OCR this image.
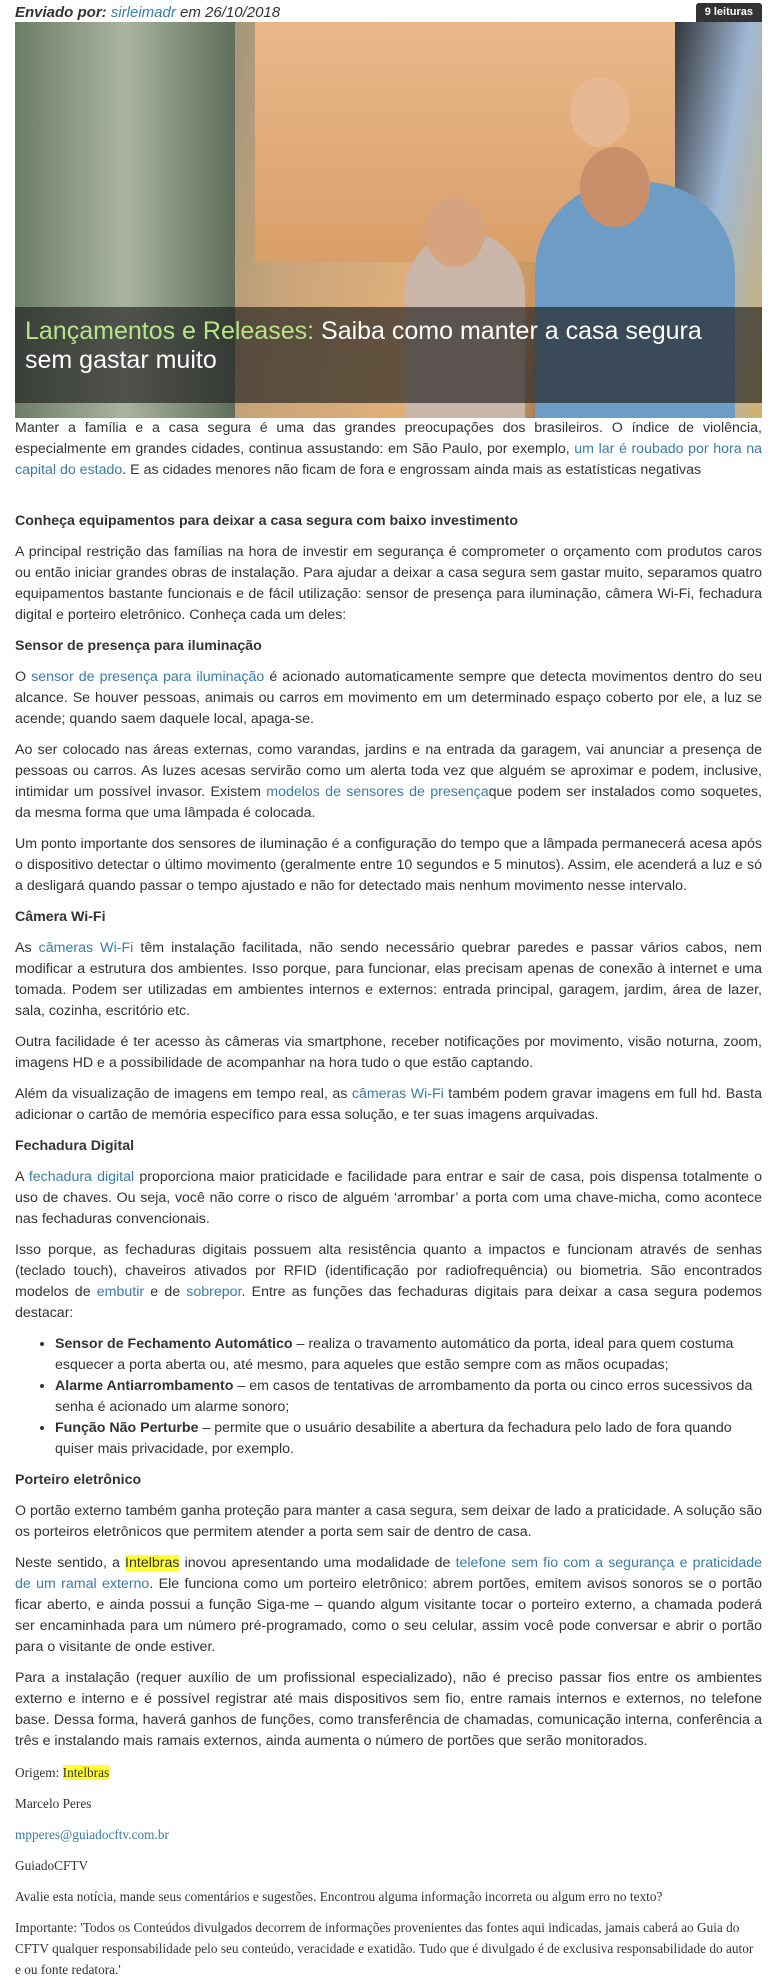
Enviado por: sirleimadr em 26/10/2018	9 leituras
Lançamentos e Releases: Saiba como manter a casa segura sem gastar muito

Manter a família e a casa segura é uma das grandes preocupações dos brasileiros. O índice de violência, especialmente em grandes cidades, continua assustando: em São Paulo, por exemplo, um lar é roubado por hora na capital do estado. E as cidades menores não ficam de fora e engrossam ainda mais as estatísticas negativas

Conheça equipamentos para deixar a casa segura com baixo investimento

A principal restrição das famílias na hora de investir em segurança é comprometer o orçamento com produtos caros ou então iniciar grandes obras de instalação. Para ajudar a deixar a casa segura sem gastar muito, separamos quatro equipamentos bastante funcionais e de fácil utilização: sensor de presença para iluminação, câmera Wi-Fi, fechadura digital e porteiro eletrônico. Conheça cada um deles:

Sensor de presença para iluminação

O sensor de presença para iluminação é acionado automaticamente sempre que detecta movimentos dentro do seu alcance. Se houver pessoas, animais ou carros em movimento em um determinado espaço coberto por ele, a luz se acende; quando saem daquele local, apaga-se.

Ao ser colocado nas áreas externas, como varandas, jardins e na entrada da garagem, vai anunciar a presença de pessoas ou carros. As luzes acesas servirão como um alerta toda vez que alguém se aproximar e podem, inclusive, intimidar um possível invasor. Existem modelos de sensores de presençaque podem ser instalados como soquetes, da mesma forma que uma lâmpada é colocada.

Um ponto importante dos sensores de iluminação é a configuração do tempo que a lâmpada permanecerá acesa após o dispositivo detectar o último movimento (geralmente entre 10 segundos e 5 minutos). Assim, ele acenderá a luz e só a desligará quando passar o tempo ajustado e não for detectado mais nenhum movimento nesse intervalo.

Câmera Wi-Fi

As câmeras Wi-Fi têm instalação facilitada, não sendo necessário quebrar paredes e passar vários cabos, nem modificar a estrutura dos ambientes. Isso porque, para funcionar, elas precisam apenas de conexão à internet e uma tomada. Podem ser utilizadas em ambientes internos e externos: entrada principal, garagem, jardim, área de lazer, sala, cozinha, escritório etc.

Outra facilidade é ter acesso às câmeras via smartphone, receber notificações por movimento, visão noturna, zoom, imagens HD e a possibilidade de acompanhar na hora tudo o que estão captando.

Além da visualização de imagens em tempo real, as câmeras Wi-Fi também podem gravar imagens em full hd. Basta adicionar o cartão de memória específico para essa solução, e ter suas imagens arquivadas.

Fechadura Digital

A fechadura digital proporciona maior praticidade e facilidade para entrar e sair de casa, pois dispensa totalmente o uso de chaves. Ou seja, você não corre o risco de alguém ‘arrombar’ a porta com uma chave-micha, como acontece nas fechaduras convencionais.

Isso porque, as fechaduras digitais possuem alta resistência quanto a impactos e funcionam através de senhas (teclado touch), chaveiros ativados por RFID (identificação por radiofrequência) ou biometria. São encontrados modelos de embutir e de sobrepor. Entre as funções das fechaduras digitais para deixar a casa segura podemos destacar:

• Sensor de Fechamento Automático – realiza o travamento automático da porta, ideal para quem costuma esquecer a porta aberta ou, até mesmo, para aqueles que estão sempre com as mãos ocupadas;
• Alarme Antiarrombamento – em casos de tentativas de arrombamento da porta ou cinco erros sucessivos da senha é acionado um alarme sonoro;
• Função Não Perturbe – permite que o usuário desabilite a abertura da fechadura pelo lado de fora quando quiser mais privacidade, por exemplo.
Porteiro eletrônico

O portão externo também ganha proteção para manter a casa segura, sem deixar de lado a praticidade. A solução são os porteiros eletrônicos que permitem atender a porta sem sair de dentro de casa.

Neste sentido, a Intelbras inovou apresentando uma modalidade de telefone sem fio com a segurança e praticidade de um ramal externo. Ele funciona como um porteiro eletrônico: abrem portões, emitem avisos sonoros se o portão ficar aberto, e ainda possui a função Siga-me – quando algum visitante tocar o porteiro externo, a chamada poderá ser encaminhada para um número pré-programado, como o seu celular, assim você pode conversar e abrir o portão para o visitante de onde estiver.

Para a instalação (requer auxílio de um profissional especializado), não é preciso passar fios entre os ambientes externo e interno e é possível registrar até mais dispositivos sem fio, entre ramais internos e externos, no telefone base. Dessa forma, haverá ganhos de funções, como transferência de chamadas, comunicação interna, conferência a três e instalando mais ramais externos, ainda aumenta o número de portões que serão monitorados.

Origem: Intelbras

Marcelo Peres

mpperes@guiadocftv.com.br

GuiadoCFTV

Avalie esta notícia, mande seus comentários e sugestões. Encontrou alguma informação incorreta ou algum erro no texto?

Importante: 'Todos os Conteúdos divulgados decorrem de informações provenientes das fontes aqui indicadas, jamais caberá ao Guia do CFTV qualquer responsabilidade pelo seu conteúdo, veracidade e exatidão. Tudo que é divulgado é de exclusiva responsabilidade do autor e ou fonte redatora.'
